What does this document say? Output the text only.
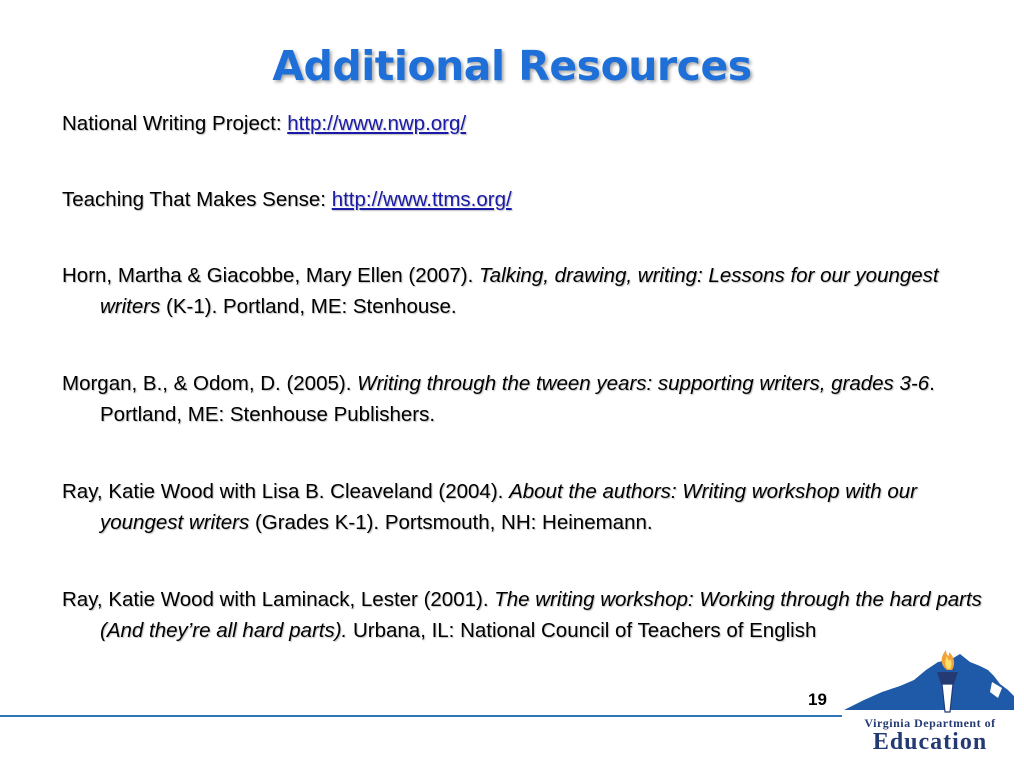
Additional Resources
National Writing Project: http://www.nwp.org/
Teaching That Makes Sense: http://www.ttms.org/
Horn, Martha & Giacobbe, Mary Ellen (2007). Talking, drawing, writing: Lessons for our youngest writers (K-1). Portland, ME: Stenhouse.
Morgan, B., & Odom, D. (2005). Writing through the tween years: supporting writers, grades 3-6. Portland, ME: Stenhouse Publishers.
Ray, Katie Wood with Lisa B. Cleaveland (2004). About the authors: Writing workshop with our youngest writers (Grades K-1). Portsmouth, NH: Heinemann.
Ray, Katie Wood with Laminack, Lester (2001). The writing workshop: Working through the hard parts (And they’re all hard parts). Urbana, IL: National Council of Teachers of English
19
Virginia Department of
Education
